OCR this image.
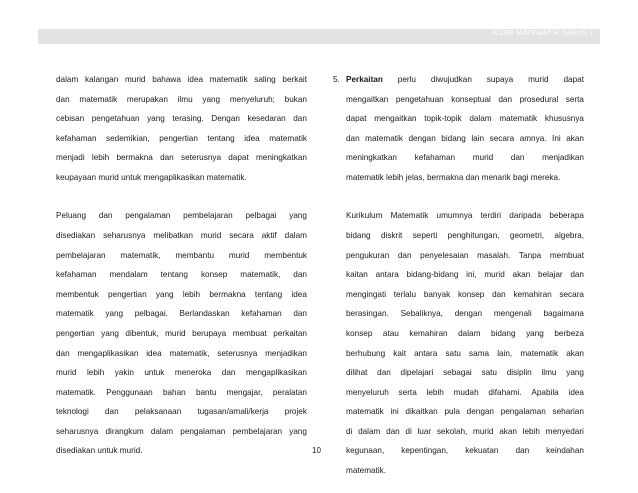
KSSR MATEMATIK TAHUN 1
dalam kalangan murid bahawa idea matematik saling berkait
dan matematik merupakan ilmu yang menyeluruh; bukan
cebisan pengetahuan yang terasing. Dengan kesedaran dan
kefahaman sedemikian, pengertian tentang idea matematik
menjadi lebih bermakna dan seterusnya dapat meningkatkan
keupayaan murid untuk mengaplikasikan matematik.
Peluang dan pengalaman pembelajaran pelbagai yang
disediakan seharusnya melibatkan murid secara aktif dalam
pembelajaran matematik, membantu murid membentuk
kefahaman mendalam tentang konsep matematik, dan
membentuk pengertian yang lebih bermakna tentang idea
matematik yang pelbagai. Berlandaskan kefahaman dan
pengertian yang dibentuk, murid berupaya membuat perkaitan
dan mengaplikasikan idea matematik, seterusnya menjadikan
murid lebih yakin untuk meneroka dan mengaplikasikan
matematik. Penggunaan bahan bantu mengajar, peralatan
teknologi dan pelaksanaan tugasan/amali/kerja projek
seharusnya dirangkum dalam pengalaman pembelajaran yang
disediakan untuk murid.
5. Perkaitan perlu diwujudkan supaya murid dapat
mengaitkan pengetahuan konseptual dan prosedural serta
dapat mengaitkan topik-topik dalam matematik khususnya
dan matematik dengan bidang lain secara amnya. Ini akan
meningkatkan kefahaman murid dan menjadikan
matematik lebih jelas, bermakna dan menarik bagi mereka.
Kurikulum Matematik umumnya terdiri daripada beberapa
bidang diskrit seperti penghitungan, geometri, algebra,
pengukuran dan penyelesaian masalah. Tanpa membuat
kaitan antara bidang-bidang ini, murid akan belajar dan
mengingati terlalu banyak konsep dan kemahiran secara
berasingan. Sebaliknya, dengan mengenali bagaimana
konsep atau kemahiran dalam bidang yang berbeza
berhubung kait antara satu sama lain, matematik akan
dilihat dan dipelajari sebagai satu disiplin ilmu yang
menyeluruh serta lebih mudah difahami. Apabila idea
matematik ini dikaitkan pula dengan pengalaman seharian
di dalam dan di luar sekolah, murid akan lebih menyedari
kegunaan, kepentingan, kekuatan dan keindahan
matematik.
10
